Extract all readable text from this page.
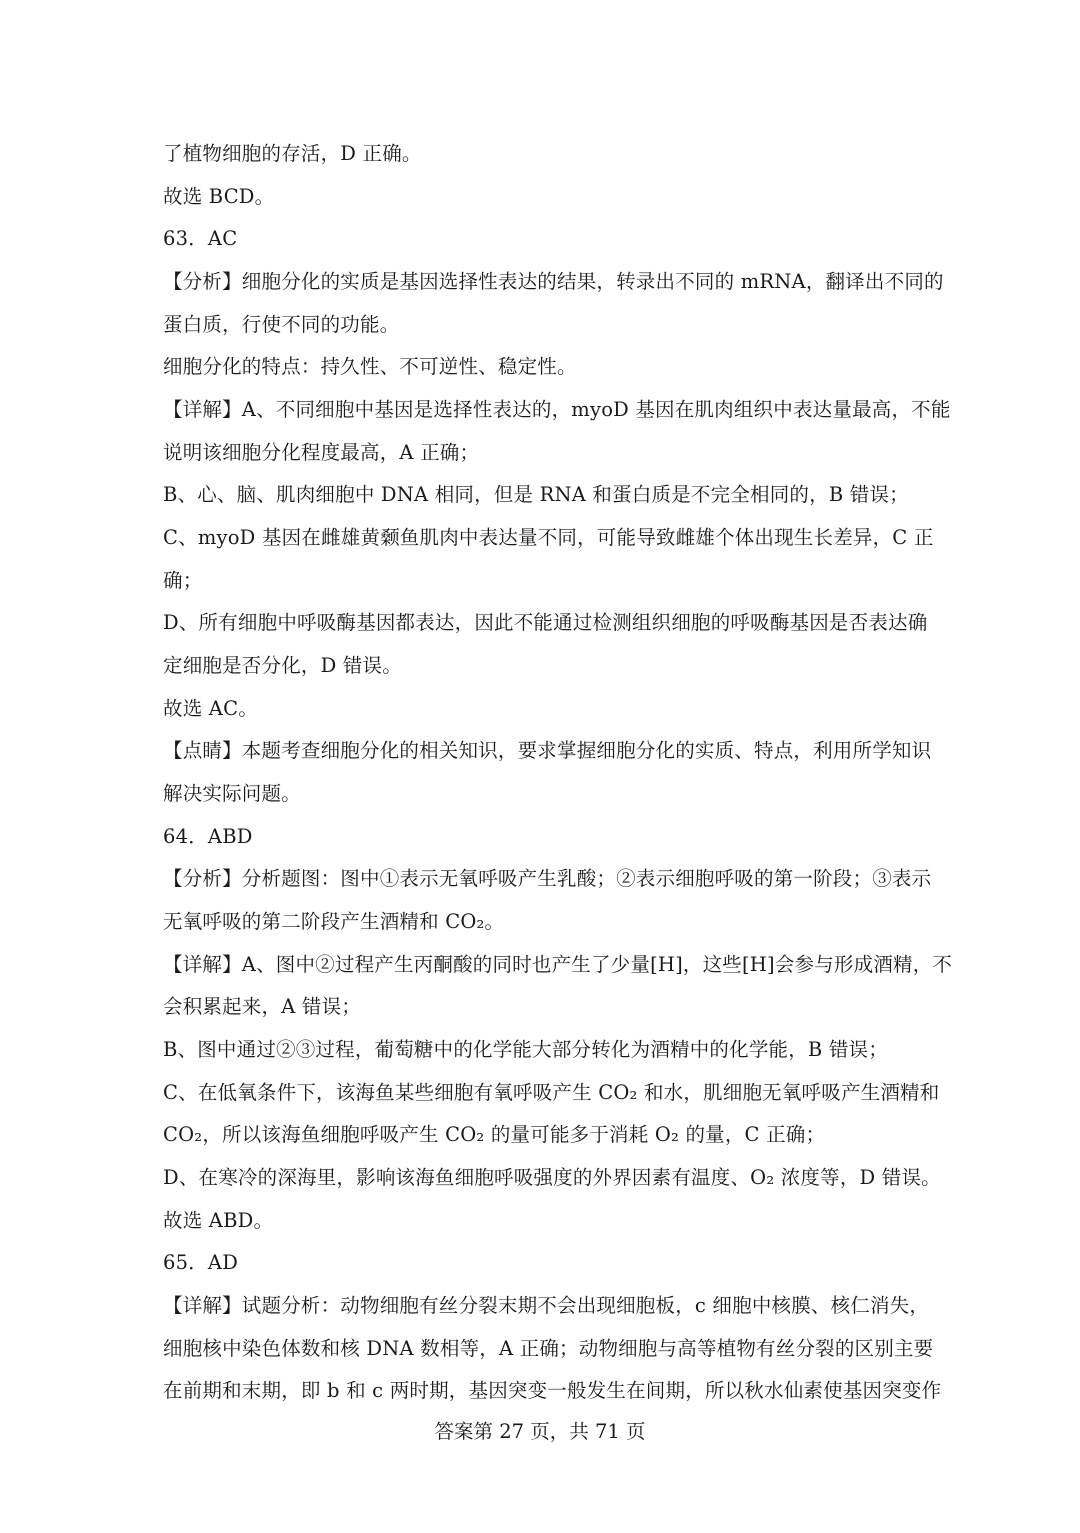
了植物细胞的存活，D 正确。
故选 BCD。
63．AC
【分析】细胞分化的实质是基因选择性表达的结果，转录出不同的 mRNA，翻译出不同的
蛋白质，行使不同的功能。
细胞分化的特点：持久性、不可逆性、稳定性。
【详解】A、不同细胞中基因是选择性表达的，myoD 基因在肌肉组织中表达量最高，不能
说明该细胞分化程度最高，A 正确；
B、心、脑、肌肉细胞中 DNA 相同，但是 RNA 和蛋白质是不完全相同的，B 错误；
C、myoD 基因在雌雄黄颡鱼肌肉中表达量不同，可能导致雌雄个体出现生长差异，C 正
确；
D、所有细胞中呼吸酶基因都表达，因此不能通过检测组织细胞的呼吸酶基因是否表达确
定细胞是否分化，D 错误。
故选 AC。
【点睛】本题考查细胞分化的相关知识，要求掌握细胞分化的实质、特点，利用所学知识
解决实际问题。
64．ABD
【分析】分析题图：图中①表示无氧呼吸产生乳酸；②表示细胞呼吸的第一阶段；③表示
无氧呼吸的第二阶段产生酒精和 CO₂。
【详解】A、图中②过程产生丙酮酸的同时也产生了少量[H]，这些[H]会参与形成酒精，不
会积累起来，A 错误；
B、图中通过②③过程，葡萄糖中的化学能大部分转化为酒精中的化学能，B 错误；
C、在低氧条件下，该海鱼某些细胞有氧呼吸产生 CO₂ 和水，肌细胞无氧呼吸产生酒精和
CO₂，所以该海鱼细胞呼吸产生 CO₂ 的量可能多于消耗 O₂ 的量，C 正确；
D、在寒冷的深海里，影响该海鱼细胞呼吸强度的外界因素有温度、O₂ 浓度等，D 错误。
故选 ABD。
65．AD
【详解】试题分析：动物细胞有丝分裂末期不会出现细胞板，c 细胞中核膜、核仁消失，
细胞核中染色体数和核 DNA 数相等，A 正确；动物细胞与高等植物有丝分裂的区别主要
在前期和末期，即 b 和 c 两时期，基因突变一般发生在间期，所以秋水仙素使基因突变作
答案第 27 页，共 71 页
